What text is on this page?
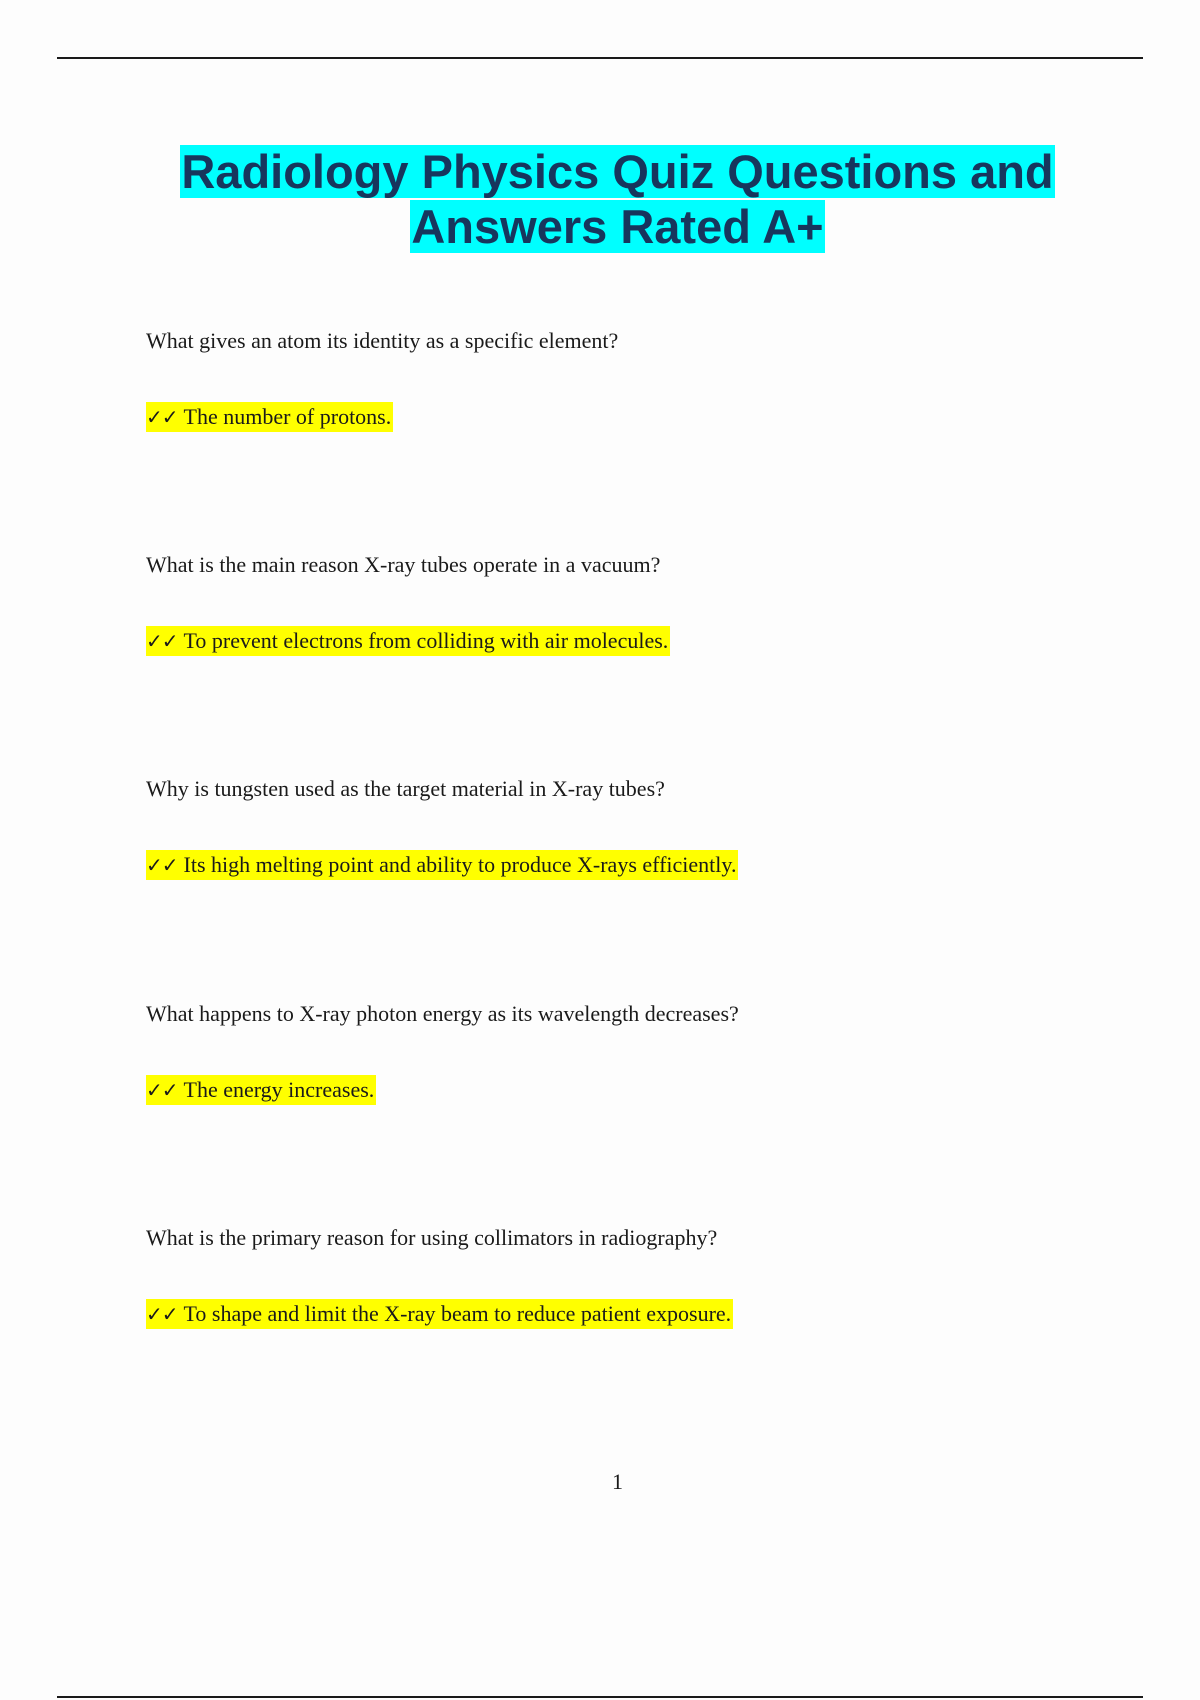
Radiology Physics Quiz Questions and
Answers Rated A+
What gives an atom its identity as a specific element?
✓✓ The number of protons.
What is the main reason X-ray tubes operate in a vacuum?
✓✓ To prevent electrons from colliding with air molecules.
Why is tungsten used as the target material in X-ray tubes?
✓✓ Its high melting point and ability to produce X-rays efficiently.
What happens to X-ray photon energy as its wavelength decreases?
✓✓ The energy increases.
What is the primary reason for using collimators in radiography?
✓✓ To shape and limit the X-ray beam to reduce patient exposure.
1
